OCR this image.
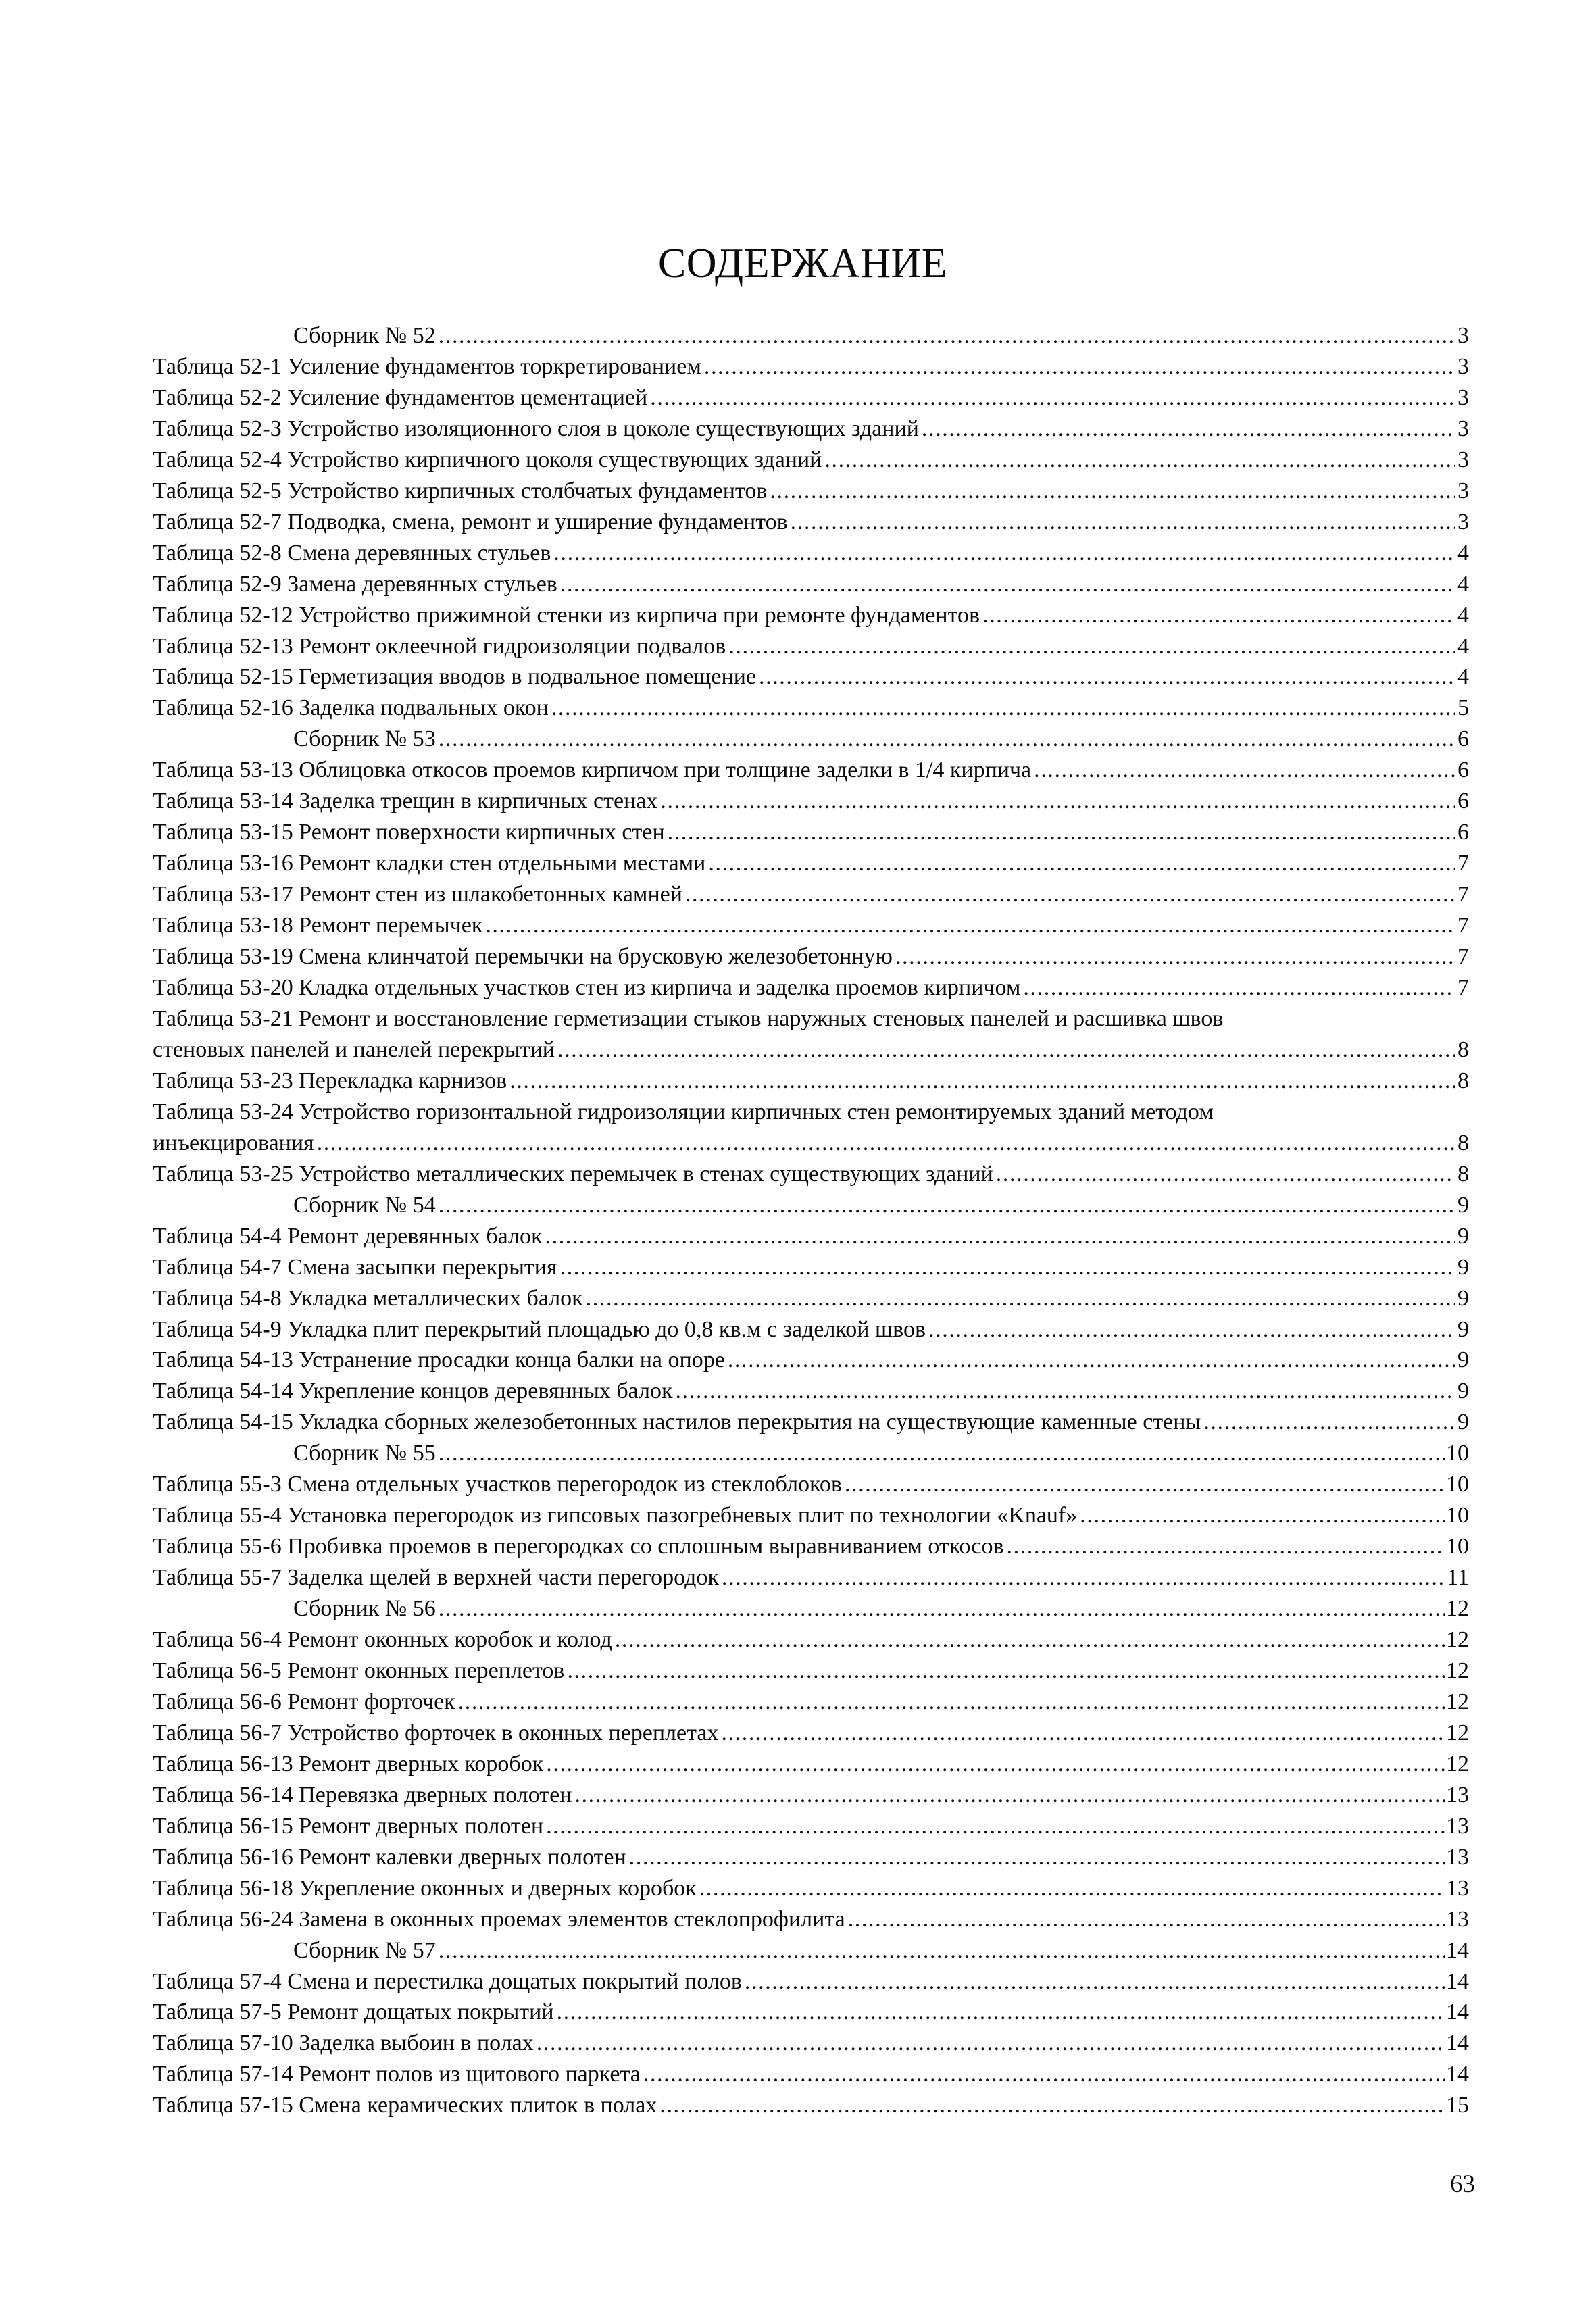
СОДЕРЖАНИЕ
Сборник № 52 .....	3
Таблица 52-1 Усиление фундаментов торкретированием .....	3
Таблица 52-2 Усиление фундаментов цементацией .....	3
Таблица 52-3 Устройство изоляционного слоя в цоколе существующих зданий .....	3
Таблица 52-4 Устройство кирпичного цоколя существующих зданий .....	3
Таблица 52-5 Устройство кирпичных столбчатых фундаментов .....	3
Таблица 52-7 Подводка, смена, ремонт и уширение фундаментов .....	3
Таблица 52-8 Смена деревянных стульев .....	4
Таблица 52-9 Замена деревянных стульев .....	4
Таблица 52-12 Устройство прижимной стенки из кирпича при ремонте фундаментов .....	4
Таблица 52-13 Ремонт оклеечной гидроизоляции подвалов .....	4
Таблица 52-15 Герметизация вводов в подвальное помещение .....	4
Таблица 52-16 Заделка подвальных окон .....	5
Сборник № 53 .....	6
Таблица 53-13 Облицовка откосов проемов кирпичом при толщине заделки в 1/4 кирпича .....	6
Таблица 53-14 Заделка трещин в кирпичных стенах .....	6
Таблица 53-15 Ремонт поверхности кирпичных стен .....	6
Таблица 53-16 Ремонт кладки стен отдельными местами .....	7
Таблица 53-17 Ремонт стен из шлакобетонных камней .....	7
Таблица 53-18 Ремонт перемычек .....	7
Таблица 53-19 Смена клинчатой перемычки на брусковую железобетонную .....	7
Таблица 53-20 Кладка отдельных участков стен из кирпича и заделка проемов кирпичом .....	7
Таблица 53-21 Ремонт и восстановление герметизации стыков наружных стеновых панелей и расшивка швов
стеновых панелей и панелей перекрытий .....	8
Таблица 53-23 Перекладка карнизов .....	8
Таблица 53-24 Устройство горизонтальной гидроизоляции кирпичных стен ремонтируемых зданий методом
инъекцирования .....	8
Таблица 53-25 Устройство металлических перемычек в стенах существующих зданий .....	8
Сборник № 54 .....	9
Таблица 54-4 Ремонт деревянных балок .....	9
Таблица 54-7 Смена засыпки перекрытия .....	9
Таблица 54-8 Укладка металлических балок .....	9
Таблица 54-9 Укладка плит перекрытий площадью до 0,8 кв.м с заделкой швов .....	9
Таблица 54-13 Устранение просадки конца балки на опоре .....	9
Таблица 54-14 Укрепление концов деревянных балок .....	9
Таблица 54-15 Укладка сборных железобетонных настилов перекрытия на существующие каменные стены .....	9
Сборник № 55 .....	10
Таблица 55-3 Смена отдельных участков перегородок из стеклоблоков .....	10
Таблица 55-4 Установка перегородок из гипсовых пазогребневых плит по технологии «Knauf» .....	10
Таблица 55-6 Пробивка проемов в перегородках со сплошным выравниванием откосов .....	10
Таблица 55-7 Заделка щелей в верхней части перегородок .....	11
Сборник № 56 .....	12
Таблица 56-4 Ремонт оконных коробок и колод .....	12
Таблица 56-5 Ремонт оконных переплетов .....	12
Таблица 56-6 Ремонт форточек .....	12
Таблица 56-7 Устройство форточек в оконных переплетах .....	12
Таблица 56-13 Ремонт дверных коробок .....	12
Таблица 56-14 Перевязка дверных полотен .....	13
Таблица 56-15 Ремонт дверных полотен .....	13
Таблица 56-16 Ремонт калевки дверных полотен .....	13
Таблица 56-18 Укрепление оконных и дверных коробок .....	13
Таблица 56-24 Замена в оконных проемах элементов стеклопрофилита .....	13
Сборник № 57 .....	14
Таблица 57-4 Смена и перестилка дощатых покрытий полов .....	14
Таблица 57-5 Ремонт дощатых покрытий .....	14
Таблица 57-10 Заделка выбоин в полах .....	14
Таблица 57-14 Ремонт полов из щитового паркета .....	14
Таблица 57-15 Смена керамических плиток в полах .....	15
63
